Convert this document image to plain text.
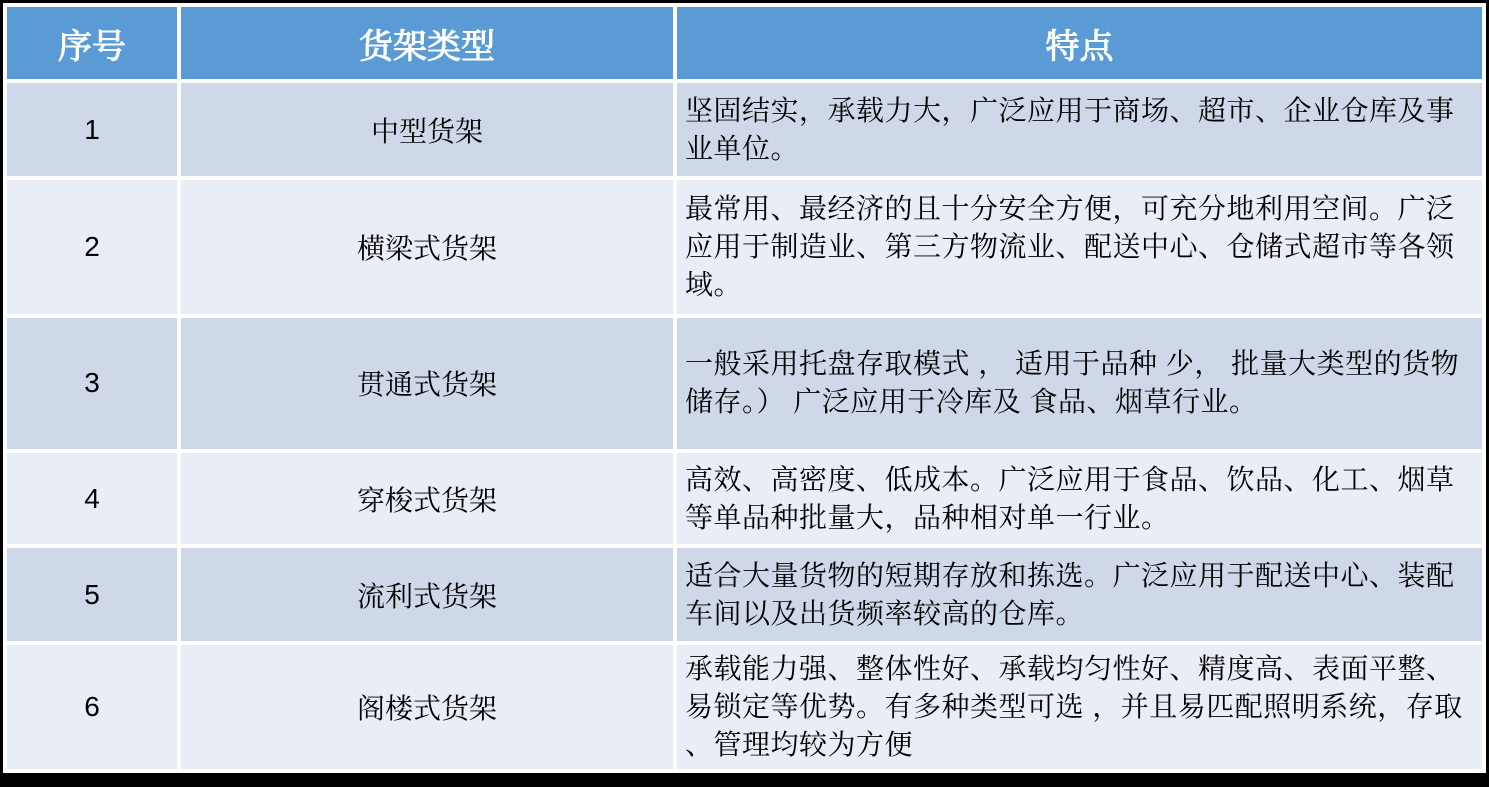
序号	货架类型	特点
1	中型货架	坚固结实，承载力大，广泛应用于商场、超市、企业仓库及事业单位。
2	横梁式货架	最常用、最经济的且十分安全方便，可充分地利用空间。广泛应用于制造业、第三方物流业、配送中心、仓储式超市等各领域。
3	贯通式货架	一般采用托盘存取模式 ， 适用于品种 少， 批量大类型的货物储存。） 广泛应用于冷库及 食品、烟草行业。
4	穿梭式货架	高效、高密度、低成本。广泛应用于食品、饮品、化工、烟草等单品种批量大，品种相对单一行业。
5	流利式货架	适合大量货物的短期存放和拣选。广泛应用于配送中心、装配车间以及出货频率较高的仓库。
6	阁楼式货架	承载能力强、整体性好、承载均匀性好、精度高、表面平整、易锁定等优势。有多种类型可选 ，并且易匹配照明系统，存取 、管理均较为方便
